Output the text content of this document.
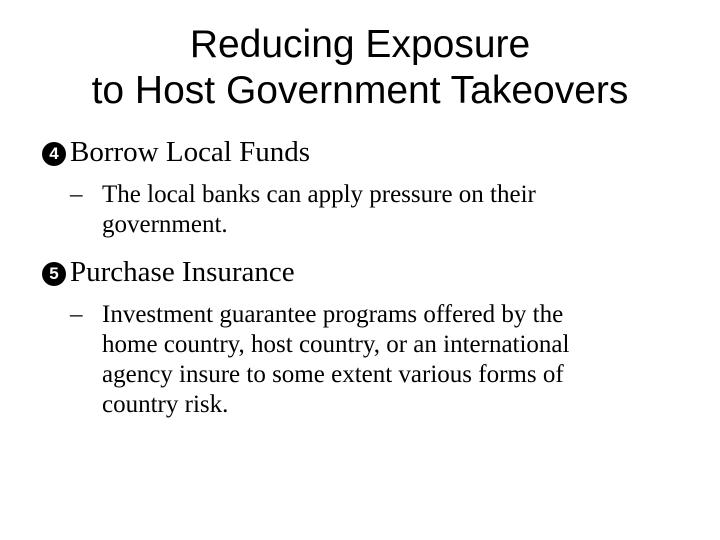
Reducing Exposure
to Host Government Takeovers
4 Borrow Local Funds
– The local banks can apply pressure on their
government.
5 Purchase Insurance
– Investment guarantee programs offered by the
home country, host country, or an international
agency insure to some extent various forms of
country risk.
